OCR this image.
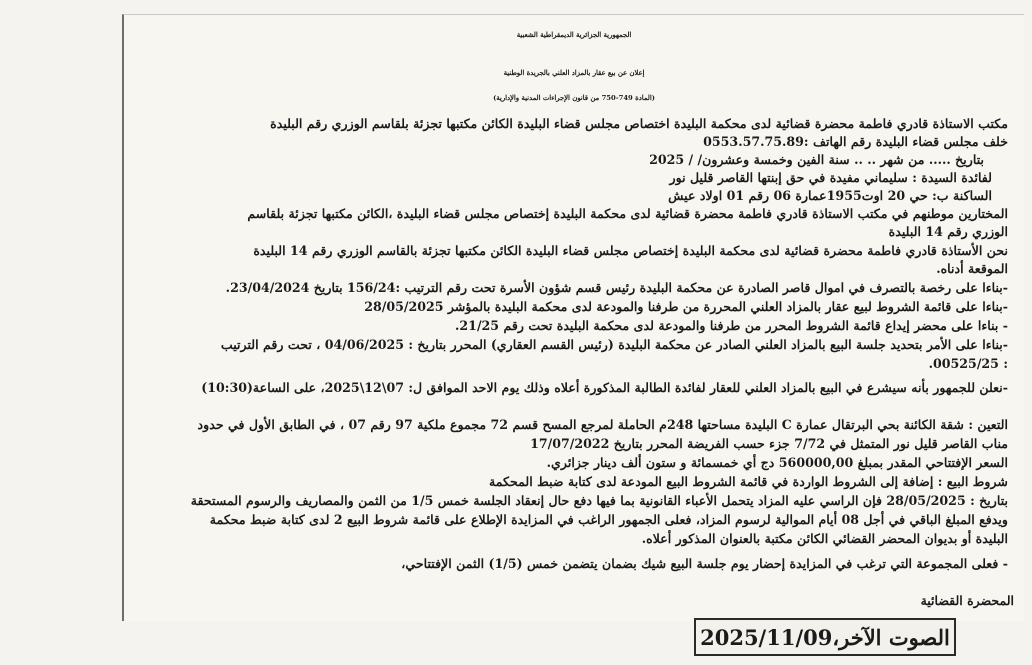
الجمهورية الجزائرية الديمقراطية الشعبية
إعلان عن بيع عقار بالمزاد العلني بالجريدة الوطنية
(المادة 749-750 من قانون الإجراءات المدنية والإدارية)
مكتب الاستاذة قادري فاطمة محضرة قضائية لدى محكمة البليدة اختصاص مجلس قضاء البليدة الكائن مكتبها تجزئة بلقاسم الوزري رقم البليدة
خلف مجلس قضاء البليدة رقم الهاتف :0553.57.75.89
بتاريخ ..... من شهر .. .. سنة الفين وخمسة وعشرون/ / 2025
لفائدة السيدة : سليماني مفيدة في حق إبنتها القاصر قليل نور
الساكنة ب: حي 20 اوت1955عمارة 06 رقم 01 اولاد عيش
المختارين موطنهم في مكتب الاستاذة قادري فاطمة محضرة قضائية لدى محكمة البليدة إختصاص مجلس قضاء البليدة ،الكائن مكتبها تجزئة بلقاسم
الوزري رقم 14 البليدة
نحن الأستاذة قادري فاطمة محضرة قضائية لدى محكمة البليدة إختصاص مجلس قضاء البليدة الكائن مكتبها تجزئة بالقاسم الوزري رقم 14 البليدة
الموقعة أدناه.
-بناءا على رخصة بالتصرف في اموال قاصر الصادرة عن محكمة البليدة رئيس قسم شؤون الأسرة تحت رقم الترتيب :156/24 بتاريخ 23/04/2024.
-بناءا على قائمة الشروط لبيع عقار بالمزاد العلني المحررة من طرفنا والمودعة لدى محكمة البليدة بالمؤشر 28/05/2025
- بناءا على محضر إيداع قائمة الشروط المحرر من طرفنا والمودعة لدى محكمة البليدة تحت رقم 21/25.
-بناءا على الأمر بتحديد جلسة البيع بالمزاد العلني الصادر عن محكمة البليدة (رئيس القسم العقاري) المحرر بتاريخ : 04/06/2025 ، تحت رقم الترتيب
: 00525/25.
-نعلن للجمهور بأنه سيشرع في البيع بالمزاد العلني للعقار لفائدة الطالبة المذكورة أعلاه وذلك يوم الاحد الموافق ل: 07\12\2025، على الساعة(10:30)
التعين : شقة الكائنة بحي البرتقال عمارة C البليدة مساحتها 248م الحاملة لمرجع المسح قسم 72 مجموع ملكية 97 رقم 07 ، في الطابق الأول في حدود
مناب القاصر قليل نور المتمثل في 7/72 جزء حسب الفريضة المحرر بتاريخ 17/07/2022
السعر الإفتتاحي المقدر بمبلغ 560000,00 دج أي خمسمائة و ستون ألف دينار جزائري.
شروط البيع : إضافة إلى الشروط الواردة في قائمة الشروط البيع المودعة لدى كتابة ضبط المحكمة
بتاريخ : 28/05/2025 فإن الراسي عليه المزاد يتحمل الأعباء القانونية بما فيها دفع حال إنعقاد الجلسة خمس 1/5 من الثمن والمصاريف والرسوم المستحقة
ويدفع المبلغ الباقي في أجل 08 أيام الموالية لرسوم المزاد، فعلى الجمهور الراغب في المزايدة الإطلاع على قائمة شروط البيع 2 لدى كتابة ضبط محكمة
البليدة أو بديوان المحضر القضائي الكائن مكتبة بالعنوان المذكور أعلاه.
- فعلى المجموعة التي ترغب في المزايدة إحضار يوم جلسة البيع شيك بضمان يتضمن خمس (1/5) الثمن الإفتتاحي،
المحضرة القضائية
الصوت الآخر،2025/11/09
